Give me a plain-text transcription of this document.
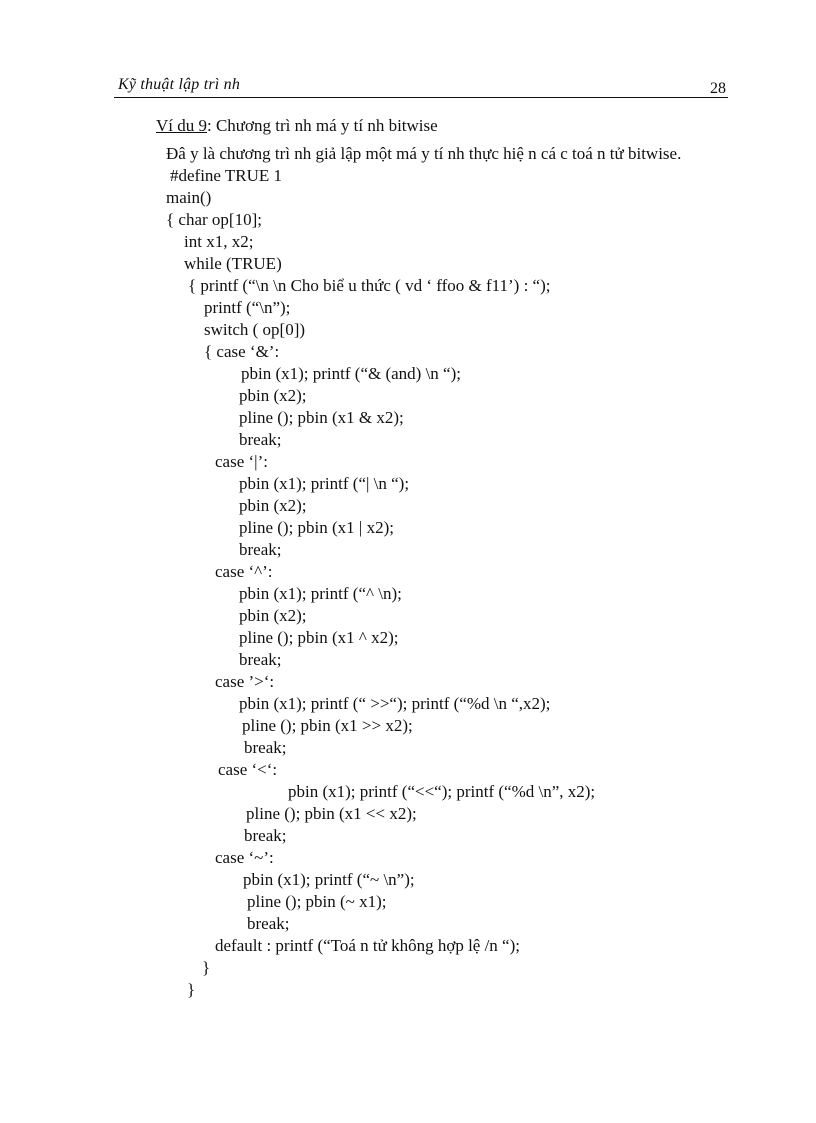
Kỹ thuật lập trì nh	28
Ví du 9: Chương trì nh má y tí nh bitwise
Đâ y là chương trì nh giả lập một má y tí nh thực hiệ n cá c toá n tử bitwise.
#define TRUE 1
main()
{ char op[10];
int x1, x2;
while (TRUE)
{ printf (“\n \n Cho biể u thức ( vd ‘ ffoo & f11’) : “);
printf (“\n”);
switch ( op[0])
{ case ‘&’:
pbin (x1); printf (“& (and) \n “);
pbin (x2);
pline (); pbin (x1 & x2);
break;
case ‘|’:
pbin (x1); printf (“| \n “);
pbin (x2);
pline (); pbin (x1 | x2);
break;
case ‘^’:
pbin (x1); printf (“^ \n);
pbin (x2);
pline (); pbin (x1 ^ x2);
break;
case ’>‘:
pbin (x1); printf (“ >>“); printf (“%d \n “,x2);
pline (); pbin (x1 >> x2);
break;
case ‘<‘:
pbin (x1); printf (“<<“); printf (“%d \n”, x2);
pline (); pbin (x1 << x2);
break;
case ‘~’:
pbin (x1); printf (“~ \n”);
pline (); pbin (~ x1);
break;
default : printf (“Toá n tử không hợp lệ /n “);
}
}
